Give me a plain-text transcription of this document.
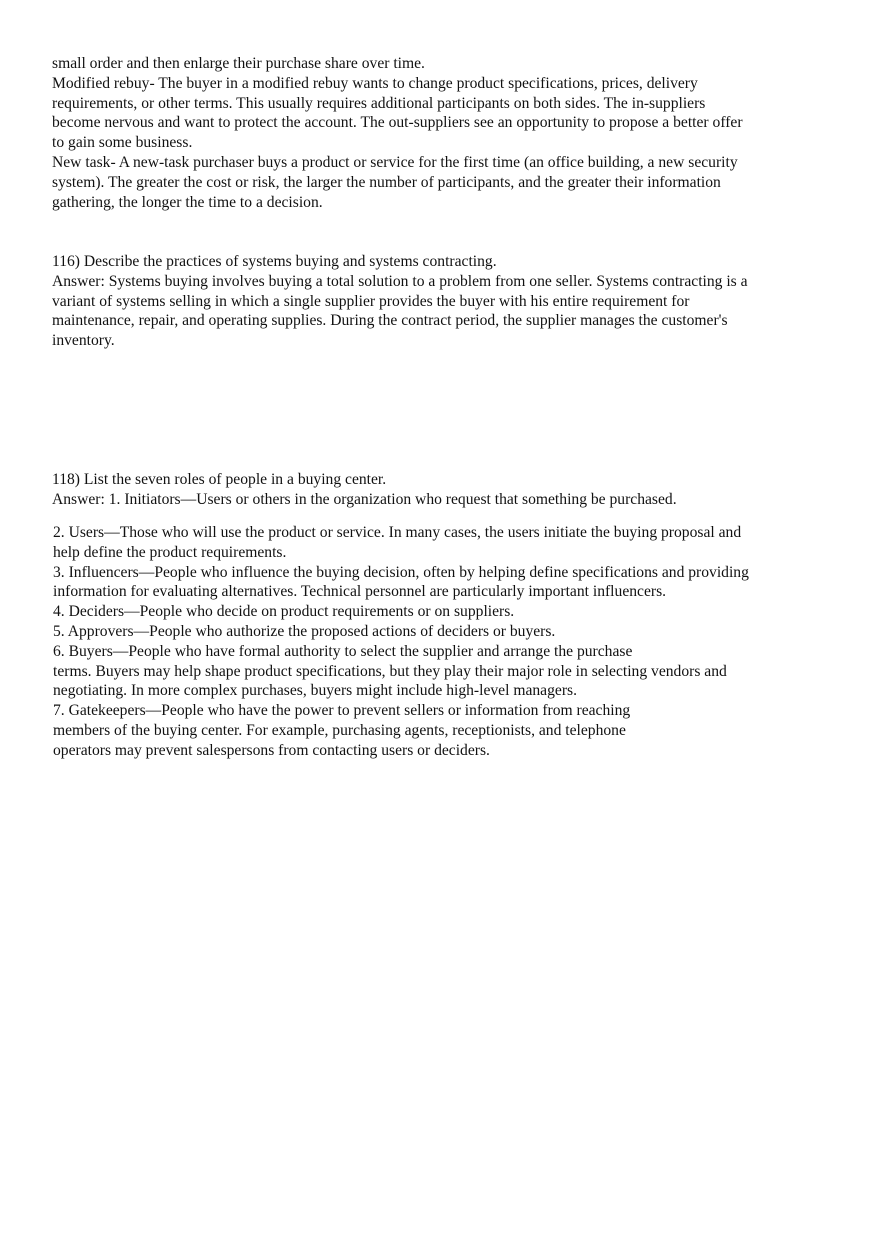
small order and then enlarge their purchase share over time.
Modified rebuy- The buyer in a modified rebuy wants to change product specifications, prices, delivery
requirements, or other terms. This usually requires additional participants on both sides. The in-suppliers
become nervous and want to protect the account. The out-suppliers see an opportunity to propose a better offer
to gain some business.
New task- A new-task purchaser buys a product or service for the first time (an office building, a new security
system). The greater the cost or risk, the larger the number of participants, and the greater their information
gathering, the longer the time to a decision.
116) Describe the practices of systems buying and systems contracting.
Answer: Systems buying involves buying a total solution to a problem from one seller. Systems contracting is a
variant of systems selling in which a single supplier provides the buyer with his entire requirement for
maintenance, repair, and operating supplies. During the contract period, the supplier manages the customer's
inventory.
118) List the seven roles of people in a buying center.
Answer: 1. Initiators—Users or others in the organization who request that something be purchased.
2. Users—Those who will use the product or service. In many cases, the users initiate the buying proposal and
help define the product requirements.
3. Influencers—People who influence the buying decision, often by helping define specifications and providing
information for evaluating alternatives. Technical personnel are particularly important influencers.
4. Deciders—People who decide on product requirements or on suppliers.
5. Approvers—People who authorize the proposed actions of deciders or buyers.
6. Buyers—People who have formal authority to select the supplier and arrange the purchase
terms. Buyers may help shape product specifications, but they play their major role in selecting vendors and
negotiating. In more complex purchases, buyers might include high-level managers.
7. Gatekeepers—People who have the power to prevent sellers or information from reaching
members of the buying center. For example, purchasing agents, receptionists, and telephone
operators may prevent salespersons from contacting users or deciders.
